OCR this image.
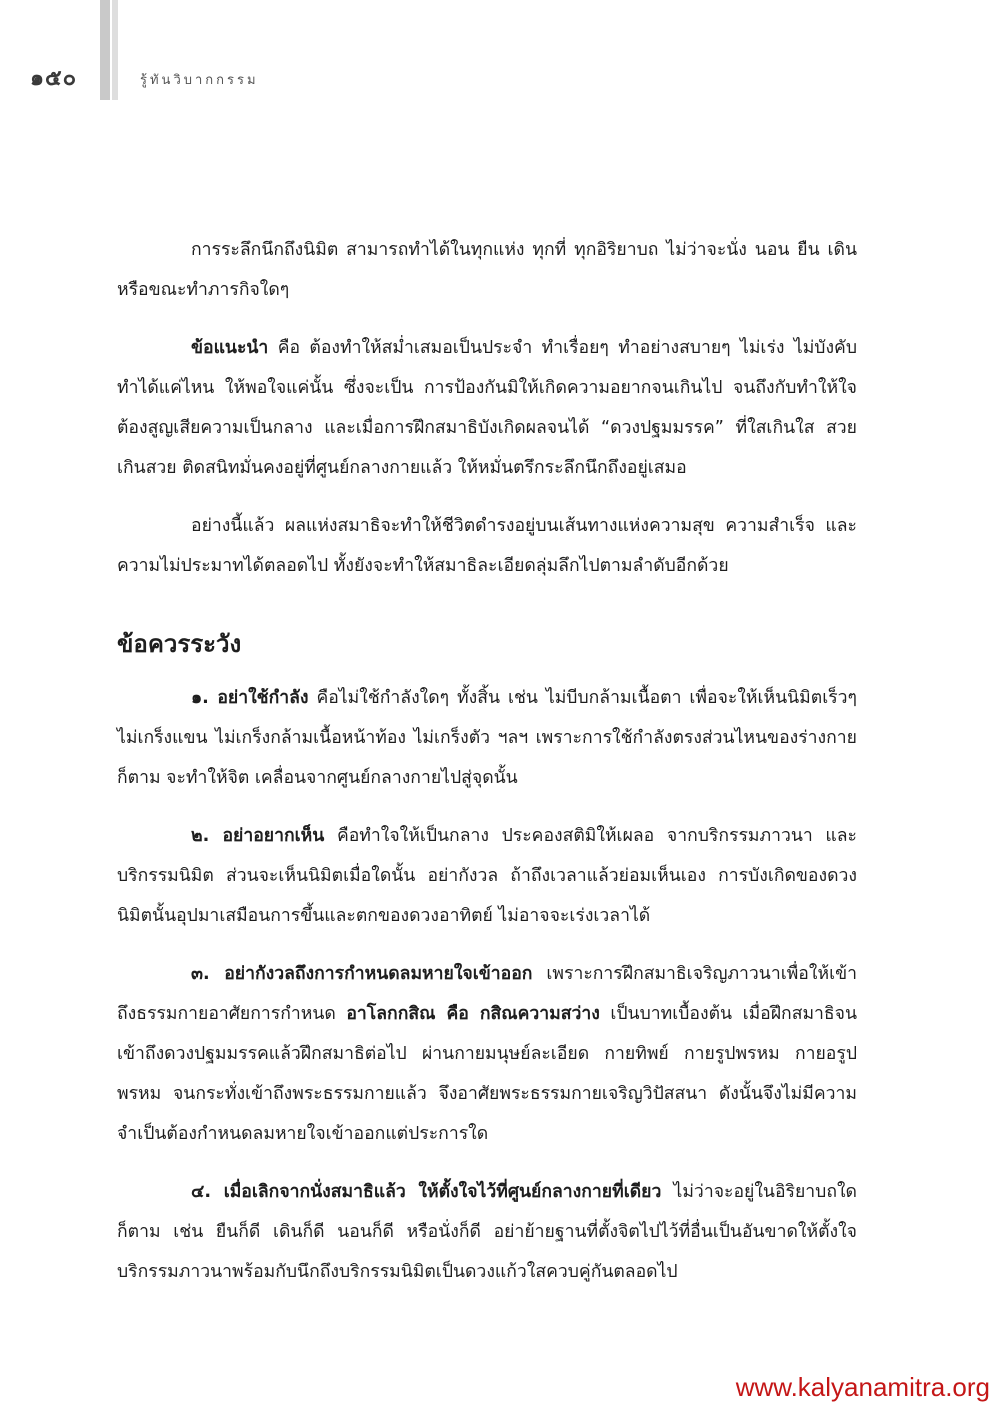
๑๕๐	รู้ทันวิบากกรรม

การระลึกนึกถึงนิมิต สามารถทำได้ในทุกแห่ง ทุกที่ ทุกอิริยาบถ ไม่ว่าจะนั่ง นอน ยืน เดิน หรือขณะทำภารกิจใดๆ

ข้อแนะนำ คือ ต้องทำให้สม่ำเสมอเป็นประจำ ทำเรื่อยๆ ทำอย่างสบายๆ ไม่เร่ง ไม่บังคับ ทำได้แค่ไหน ให้พอใจแค่นั้น ซึ่งจะเป็น การป้องกันมิให้เกิดความอยากจนเกินไป จนถึงกับทำให้ใจต้องสูญเสียความเป็นกลาง และเมื่อการฝึกสมาธิบังเกิดผลจนได้ “ดวงปฐมมรรค” ที่ใสเกินใส สวยเกินสวย ติดสนิทมั่นคงอยู่ที่ศูนย์กลางกายแล้ว ให้หมั่นตรึกระลึกนึกถึงอยู่เสมอ

อย่างนี้แล้ว ผลแห่งสมาธิจะทำให้ชีวิตดำรงอยู่บนเส้นทางแห่งความสุข ความสำเร็จ และความไม่ประมาทได้ตลอดไป ทั้งยังจะทำให้สมาธิละเอียดลุ่มลึกไปตามลำดับอีกด้วย

ข้อควรระวัง

๑. อย่าใช้กำลัง คือไม่ใช้กำลังใดๆ ทั้งสิ้น เช่น ไม่บีบกล้ามเนื้อตา เพื่อจะให้เห็นนิมิตเร็วๆ ไม่เกร็งแขน ไม่เกร็งกล้ามเนื้อหน้าท้อง ไม่เกร็งตัว ฯลฯ เพราะการใช้กำลังตรงส่วนไหนของร่างกายก็ตาม จะทำให้จิต เคลื่อนจากศูนย์กลางกายไปสู่จุดนั้น

๒. อย่าอยากเห็น คือทำใจให้เป็นกลาง ประคองสติมิให้เผลอ จากบริกรรมภาวนา และบริกรรมนิมิต ส่วนจะเห็นนิมิตเมื่อใดนั้น อย่ากังวล ถ้าถึงเวลาแล้วย่อมเห็นเอง การบังเกิดของดวงนิมิตนั้นอุปมาเสมือนการขึ้นและตกของดวงอาทิตย์ ไม่อาจจะเร่งเวลาได้

๓. อย่ากังวลถึงการกำหนดลมหายใจเข้าออก เพราะการฝึกสมาธิเจริญภาวนาเพื่อให้เข้าถึงธรรมกายอาศัยการกำหนด อาโลกกสิณ คือ กสิณความสว่าง เป็นบาทเบื้องต้น เมื่อฝึกสมาธิจนเข้าถึงดวงปฐมมรรคแล้วฝึกสมาธิต่อไป ผ่านกายมนุษย์ละเอียด กายทิพย์ กายรูปพรหม กายอรูปพรหม จนกระทั่งเข้าถึงพระธรรมกายแล้ว จึงอาศัยพระธรรมกายเจริญวิปัสสนา ดังนั้นจึงไม่มีความจำเป็นต้องกำหนดลมหายใจเข้าออกแต่ประการใด

๔. เมื่อเลิกจากนั่งสมาธิแล้ว ให้ตั้งใจไว้ที่ศูนย์กลางกายที่เดียว ไม่ว่าจะอยู่ในอิริยาบถใดก็ตาม เช่น ยืนก็ดี เดินก็ดี นอนก็ดี หรือนั่งก็ดี อย่าย้ายฐานที่ตั้งจิตไปไว้ที่อื่นเป็นอันขาดให้ตั้งใจบริกรรมภาวนาพร้อมกับนึกถึงบริกรรมนิมิตเป็นดวงแก้วใสควบคู่กันตลอดไป

www.kalyanamitra.org
